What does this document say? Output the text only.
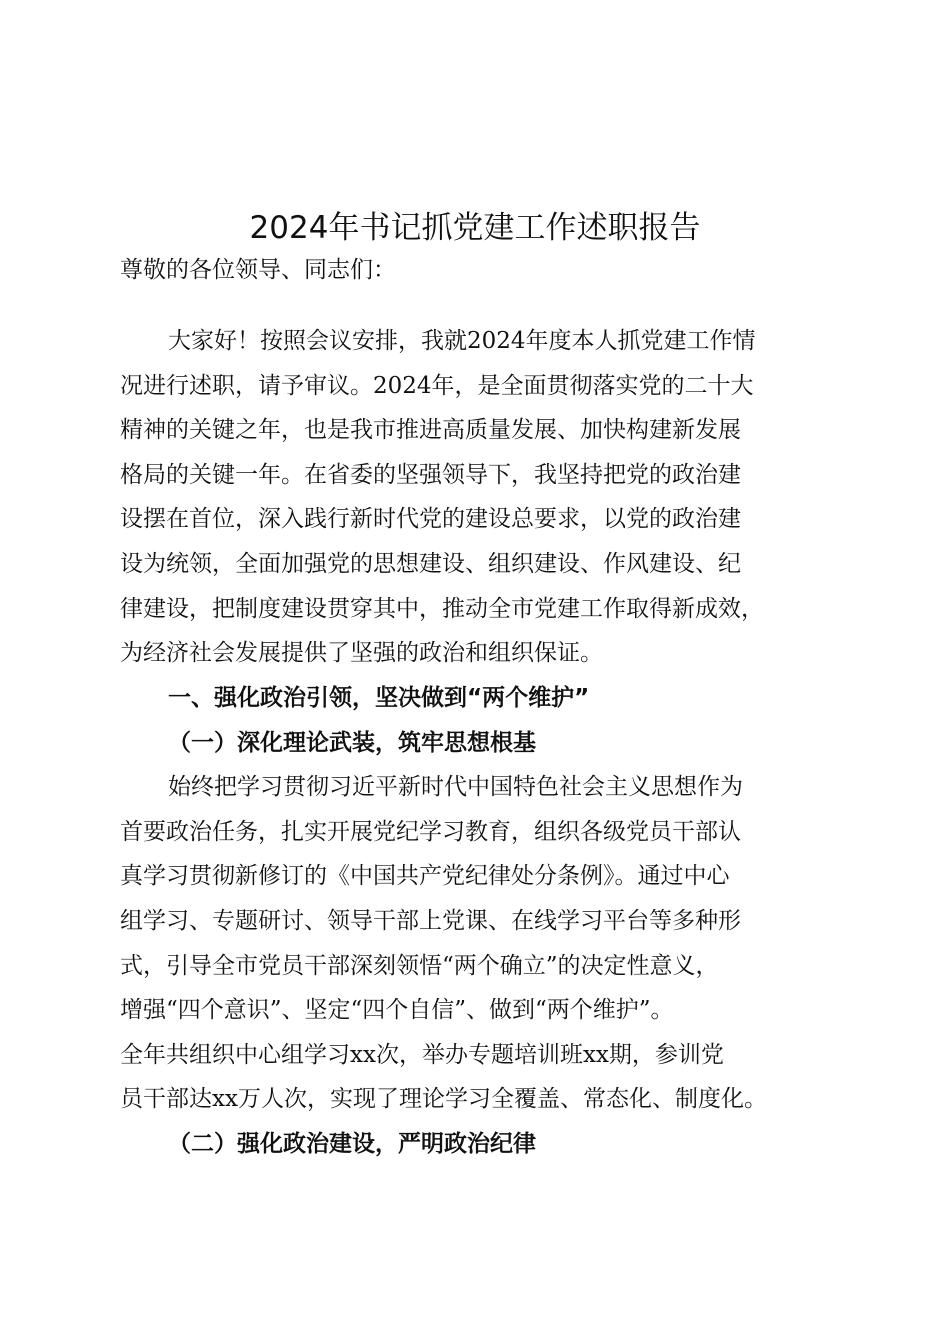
2024年书记抓党建工作述职报告
尊敬的各位领导、同志们：
大家好！按照会议安排，我就2024年度本人抓党建工作情
况进行述职，请予审议。2024年，是全面贯彻落实党的二十大
精神的关键之年，也是我市推进高质量发展、加快构建新发展
格局的关键一年。在省委的坚强领导下，我坚持把党的政治建
设摆在首位，深入践行新时代党的建设总要求，以党的政治建
设为统领，全面加强党的思想建设、组织建设、作风建设、纪
律建设，把制度建设贯穿其中，推动全市党建工作取得新成效，
为经济社会发展提供了坚强的政治和组织保证。
一、强化政治引领，坚决做到“两个维护”
（一）深化理论武装，筑牢思想根基
始终把学习贯彻习近平新时代中国特色社会主义思想作为
首要政治任务，扎实开展党纪学习教育，组织各级党员干部认
真学习贯彻新修订的《中国共产党纪律处分条例》。通过中心
组学习、专题研讨、领导干部上党课、在线学习平台等多种形
式，引导全市党员干部深刻领悟“两个确立”的决定性意义，
增强“四个意识”、坚定“四个自信”、做到“两个维护”。
全年共组织中心组学习xx次，举办专题培训班xx期，参训党
员干部达xx万人次，实现了理论学习全覆盖、常态化、制度化。
（二）强化政治建设，严明政治纪律
